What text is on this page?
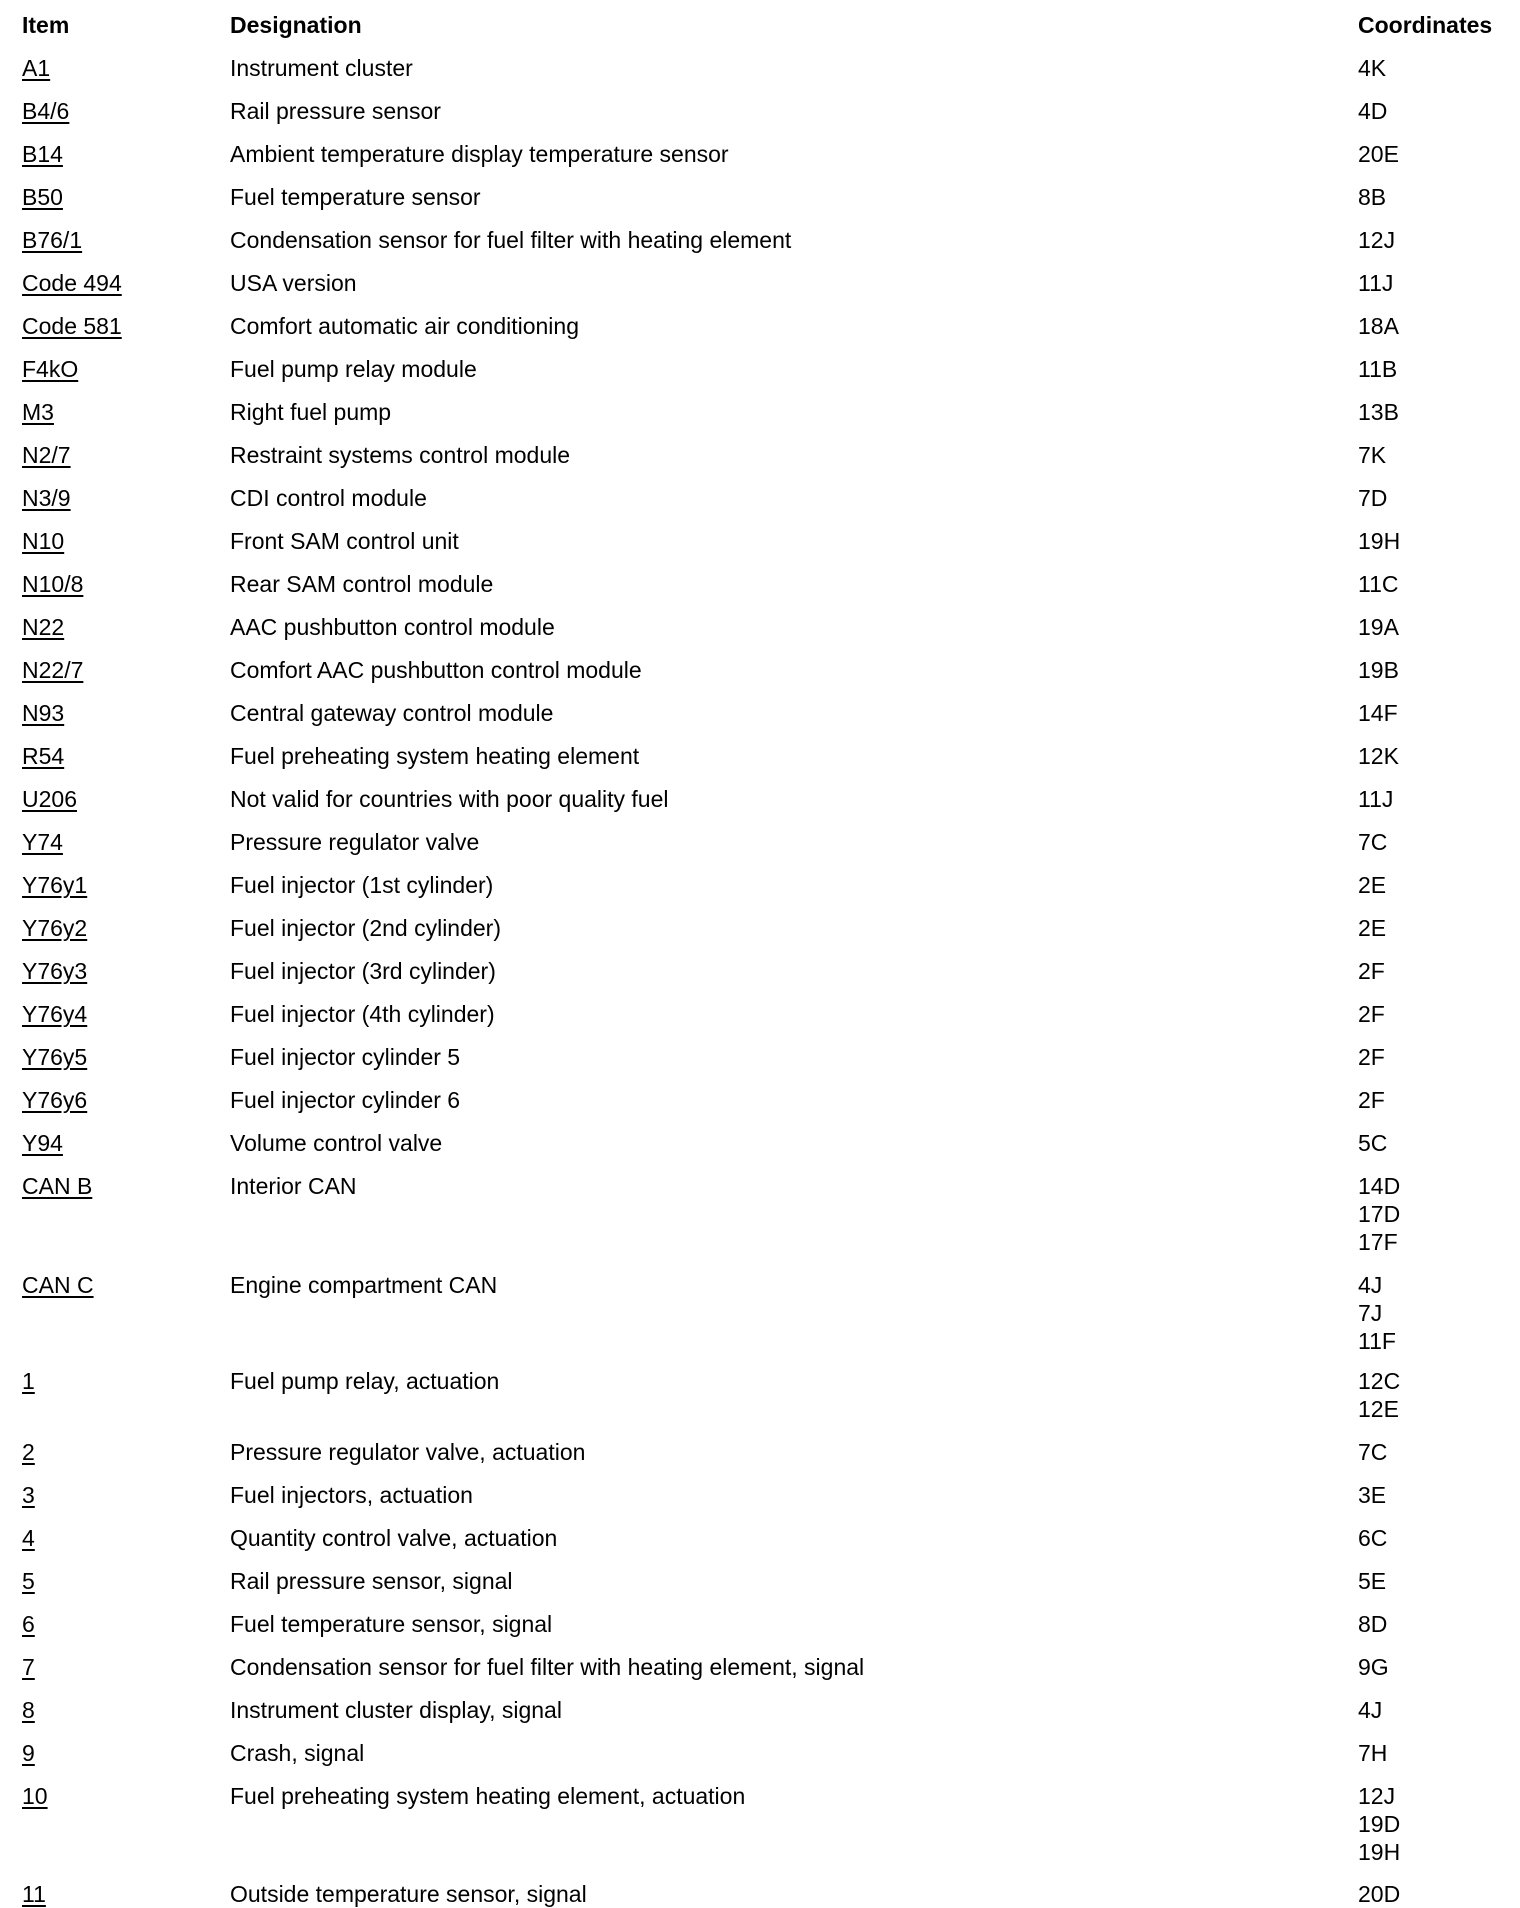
Item	Designation	Coordinates
A1	Instrument cluster	4K
B4/6	Rail pressure sensor	4D
B14	Ambient temperature display temperature sensor	20E
B50	Fuel temperature sensor	8B
B76/1	Condensation sensor for fuel filter with heating element	12J
Code 494	USA version	11J
Code 581	Comfort automatic air conditioning	18A
F4kO	Fuel pump relay module	11B
M3	Right fuel pump	13B
N2/7	Restraint systems control module	7K
N3/9	CDI control module	7D
N10	Front SAM control unit	19H
N10/8	Rear SAM control module	11C
N22	AAC pushbutton control module	19A
N22/7	Comfort AAC pushbutton control module	19B
N93	Central gateway control module	14F
R54	Fuel preheating system heating element	12K
U206	Not valid for countries with poor quality fuel	11J
Y74	Pressure regulator valve	7C
Y76y1	Fuel injector (1st cylinder)	2E
Y76y2	Fuel injector (2nd cylinder)	2E
Y76y3	Fuel injector (3rd cylinder)	2F
Y76y4	Fuel injector (4th cylinder)	2F
Y76y5	Fuel injector cylinder 5	2F
Y76y6	Fuel injector cylinder 6	2F
Y94	Volume control valve	5C
CAN B	Interior CAN	14D
17D
17F
CAN C	Engine compartment CAN	4J
7J
11F
1	Fuel pump relay, actuation	12C
12E
2	Pressure regulator valve, actuation	7C
3	Fuel injectors, actuation	3E
4	Quantity control valve, actuation	6C
5	Rail pressure sensor, signal	5E
6	Fuel temperature sensor, signal	8D
7	Condensation sensor for fuel filter with heating element, signal	9G
8	Instrument cluster display, signal	4J
9	Crash, signal	7H
10	Fuel preheating system heating element, actuation	12J
19D
19H
11	Outside temperature sensor, signal	20D
